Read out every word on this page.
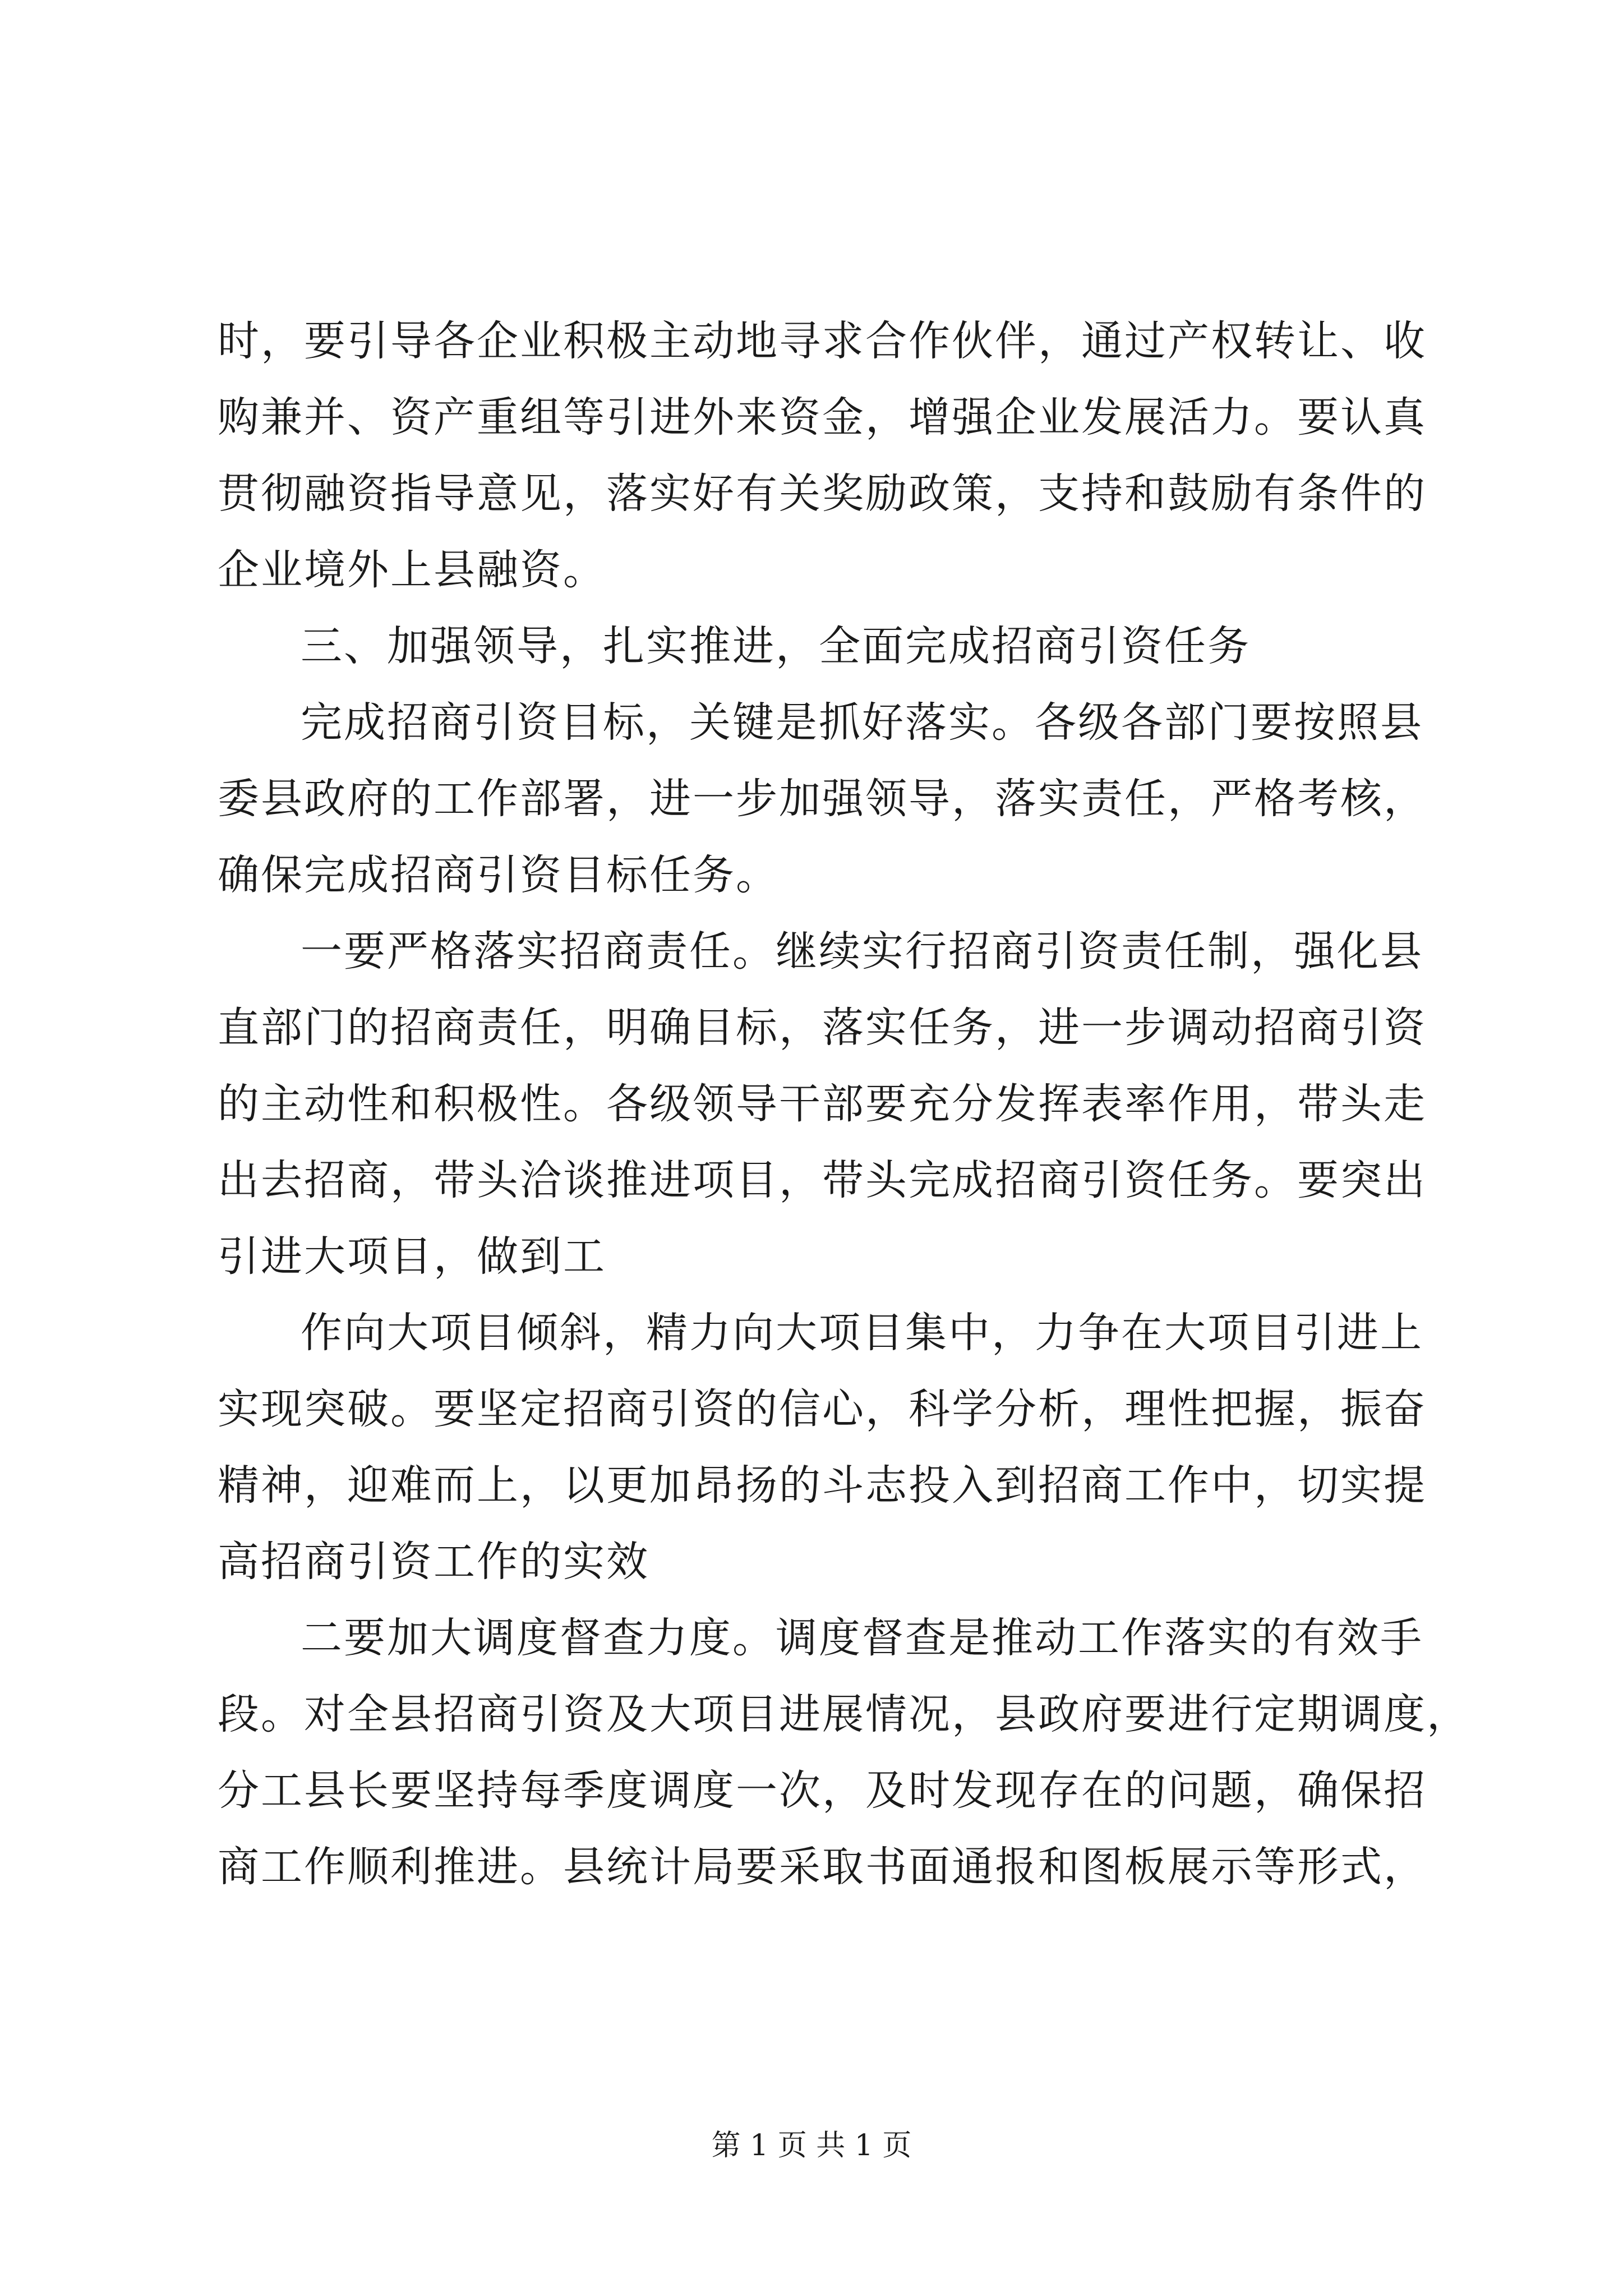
时，要引导各企业积极主动地寻求合作伙伴，通过产权转让、收
购兼并、资产重组等引进外来资金，增强企业发展活力。要认真
贯彻融资指导意见，落实好有关奖励政策，支持和鼓励有条件的
企业境外上县融资。
三、加强领导，扎实推进，全面完成招商引资任务
完成招商引资目标，关键是抓好落实。各级各部门要按照县
委县政府的工作部署，进一步加强领导，落实责任，严格考核，
确保完成招商引资目标任务。
一要严格落实招商责任。继续实行招商引资责任制，强化县
直部门的招商责任，明确目标，落实任务，进一步调动招商引资
的主动性和积极性。各级领导干部要充分发挥表率作用，带头走
出去招商，带头洽谈推进项目，带头完成招商引资任务。要突出
引进大项目，做到工
作向大项目倾斜，精力向大项目集中，力争在大项目引进上
实现突破。要坚定招商引资的信心，科学分析，理性把握，振奋
精神，迎难而上，以更加昂扬的斗志投入到招商工作中，切实提
高招商引资工作的实效
二要加大调度督查力度。调度督查是推动工作落实的有效手
段。对全县招商引资及大项目进展情况，县政府要进行定期调度，
分工县长要坚持每季度调度一次，及时发现存在的问题，确保招
商工作顺利推进。县统计局要采取书面通报和图板展示等形式，
第 1 页 共 1 页
